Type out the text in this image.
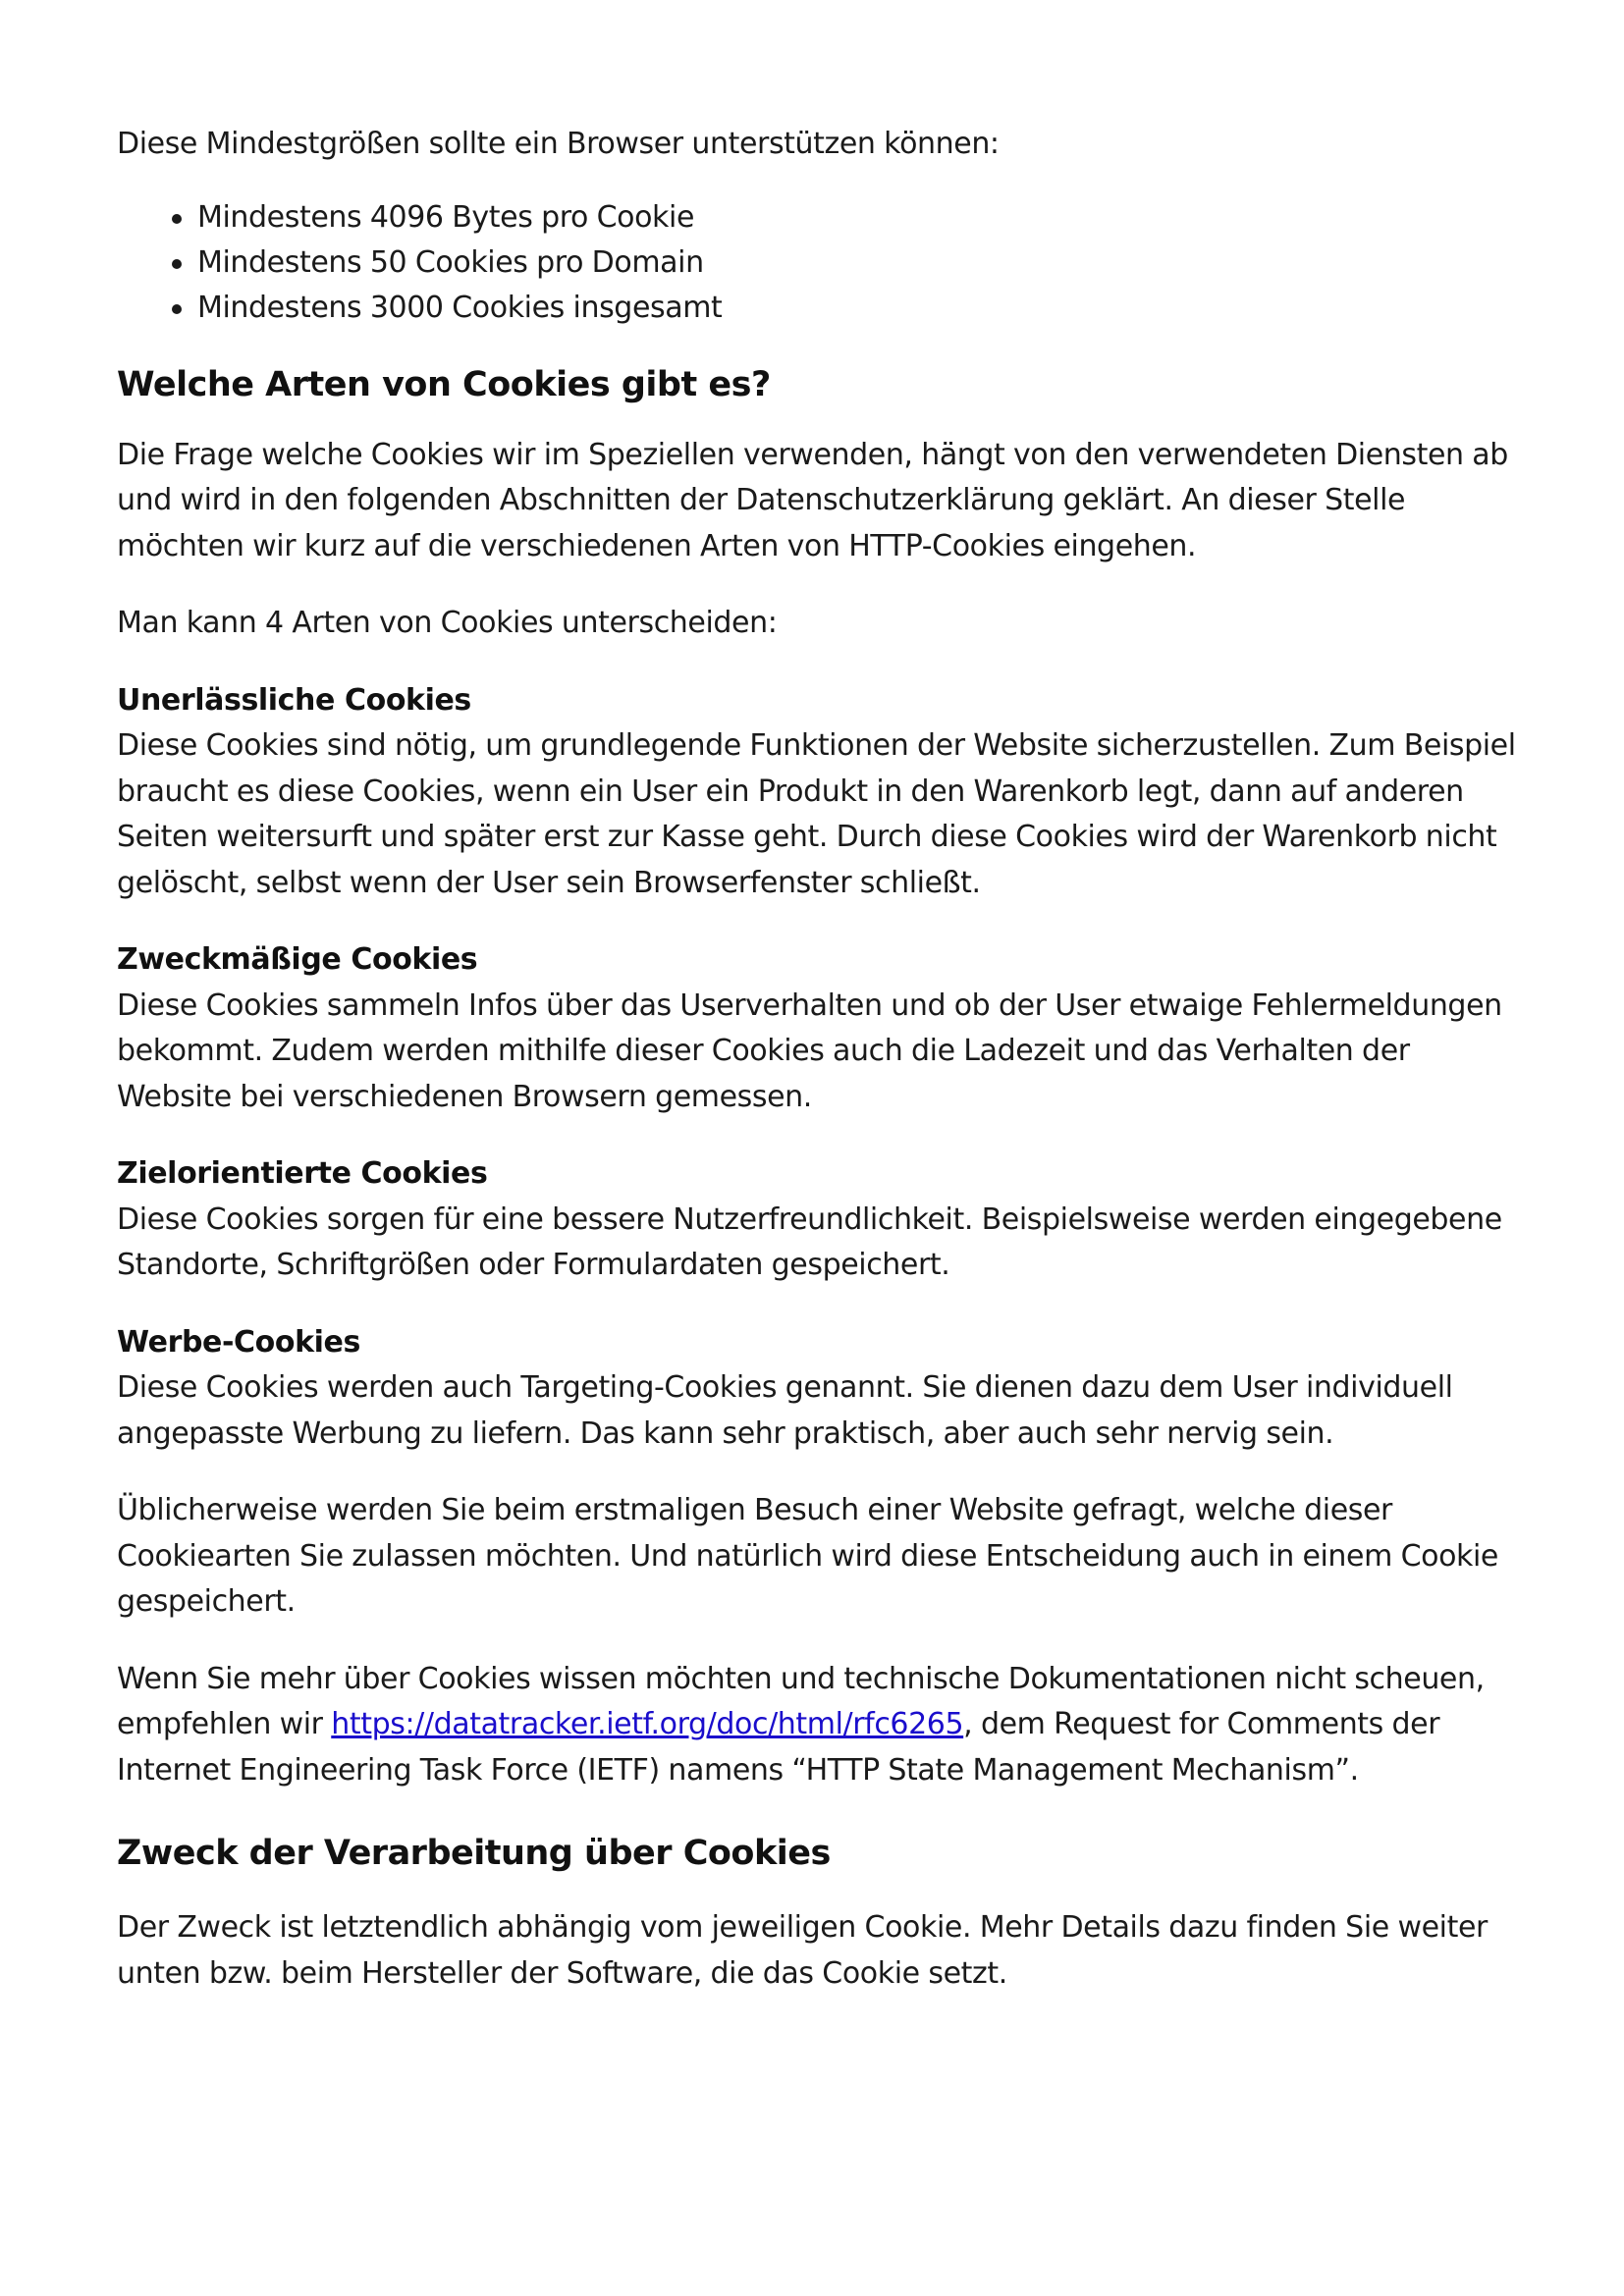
Diese Mindestgrößen sollte ein Browser unterstützen können:

Mindestens 4096 Bytes pro Cookie
Mindestens 50 Cookies pro Domain
Mindestens 3000 Cookies insgesamt
Welche Arten von Cookies gibt es?

Die Frage welche Cookies wir im Speziellen verwenden, hängt von den verwendeten Diensten ab und wird in den folgenden Abschnitten der Datenschutzerklärung geklärt. An dieser Stelle möchten wir kurz auf die verschiedenen Arten von HTTP-Cookies eingehen.

Man kann 4 Arten von Cookies unterscheiden:

Unerlässliche Cookies

Diese Cookies sind nötig, um grundlegende Funktionen der Website sicherzustellen. Zum Beispiel braucht es diese Cookies, wenn ein User ein Produkt in den Warenkorb legt, dann auf anderen Seiten weitersurft und später erst zur Kasse geht. Durch diese Cookies wird der Warenkorb nicht gelöscht, selbst wenn der User sein Browserfenster schließt.

Zweckmäßige Cookies

Diese Cookies sammeln Infos über das Userverhalten und ob der User etwaige Fehlermeldungen bekommt. Zudem werden mithilfe dieser Cookies auch die Ladezeit und das Verhalten der Website bei verschiedenen Browsern gemessen.

Zielorientierte Cookies

Diese Cookies sorgen für eine bessere Nutzerfreundlichkeit. Beispielsweise werden eingegebene Standorte, Schriftgrößen oder Formulardaten gespeichert.

Werbe-Cookies

Diese Cookies werden auch Targeting-Cookies genannt. Sie dienen dazu dem User individuell angepasste Werbung zu liefern. Das kann sehr praktisch, aber auch sehr nervig sein.

Üblicherweise werden Sie beim erstmaligen Besuch einer Website gefragt, welche dieser Cookiearten Sie zulassen möchten. Und natürlich wird diese Entscheidung auch in einem Cookie gespeichert.

Wenn Sie mehr über Cookies wissen möchten und technische Dokumentationen nicht scheuen, empfehlen wir https://datatracker.ietf.org/doc/html/rfc6265, dem Request for Comments der Internet Engineering Task Force (IETF) namens “HTTP State Management Mechanism”.

Zweck der Verarbeitung über Cookies

Der Zweck ist letztendlich abhängig vom jeweiligen Cookie. Mehr Details dazu finden Sie weiter unten bzw. beim Hersteller der Software, die das Cookie setzt.
